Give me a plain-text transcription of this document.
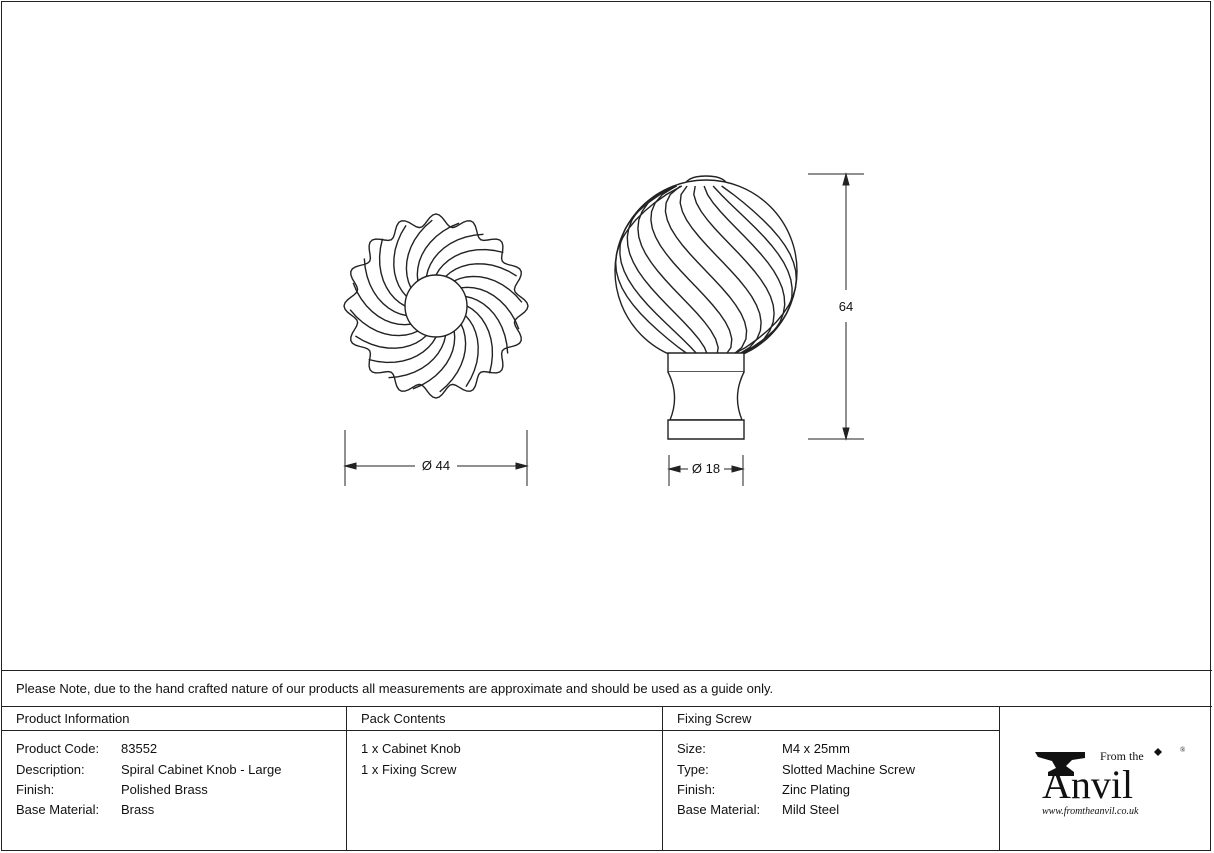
Ø 44	Ø 18
64
Please Note, due to the hand crafted nature of our products all measurements are approximate and should be used as a guide only.
Product Information
Product Code: 83552
Description:	Spiral Cabinet Knob - Large
Finish:	Polished Brass
Base Material: Brass
Pack Contents
1 x Cabinet Knob
1 x Fixing Screw
Fixing Screw
Size:	M4 x 25mm
Type:	Slotted Machine Screw
Finish:	Zinc Plating
Base Material: Mild Steel
From the	®
Anvil
www.fromtheanvil.co.uk
